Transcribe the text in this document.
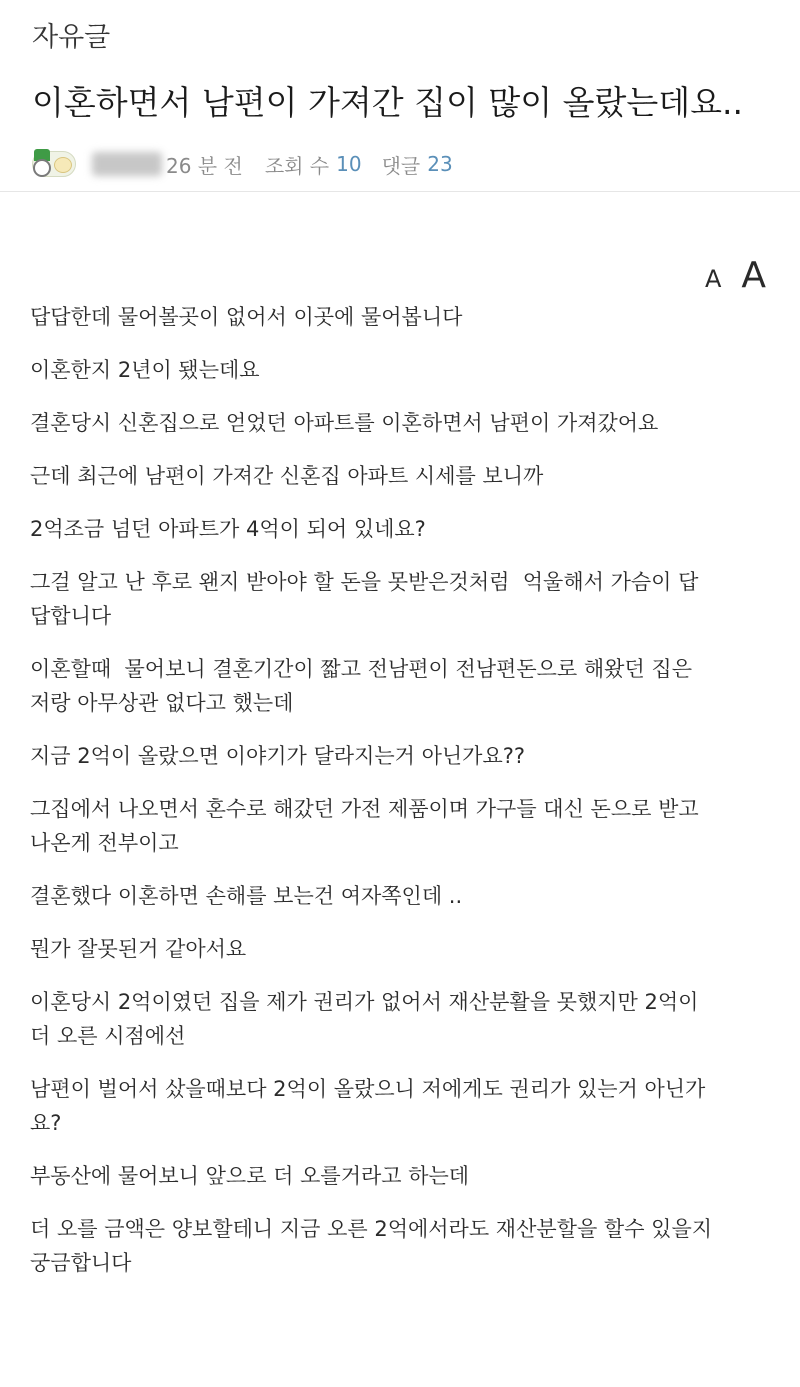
자유글
이혼하면서 남편이 가져간 집이 많이 올랐는데요..
26 분 전 조회 수 10 댓글 23
A A

답답한데 물어볼곳이 없어서 이곳에 물어봅니다

이혼한지 2년이 됐는데요

결혼당시 신혼집으로 얻었던 아파트를 이혼하면서 남편이 가져갔어요

근데 최근에 남편이 가져간 신혼집 아파트 시세를 보니까

2억조금 넘던 아파트가 4억이 되어 있네요?

그걸 알고 난 후로 왠지 받아야 할 돈을 못받은것처럼  억울해서 가슴이 답
답합니다

이혼할때  물어보니 결혼기간이 짧고 전남편이 전남편돈으로 해왔던 집은
저랑 아무상관 없다고 했는데

지금 2억이 올랐으면 이야기가 달라지는거 아닌가요??

그집에서 나오면서 혼수로 해갔던 가전 제품이며 가구들 대신 돈으로 받고
나온게 전부이고

결혼했다 이혼하면 손해를 보는건 여자쪽인데 ..

뭔가 잘못된거 같아서요

이혼당시 2억이였던 집을 제가 권리가 없어서 재산분활을 못했지만 2억이
더 오른 시점에선

남편이 벌어서 샀을때보다 2억이 올랐으니 저에게도 권리가 있는거 아닌가
요?

부동산에 물어보니 앞으로 더 오를거라고 하는데

더 오를 금액은 양보할테니 지금 오른 2억에서라도 재산분할을 할수 있을지
궁금합니다
